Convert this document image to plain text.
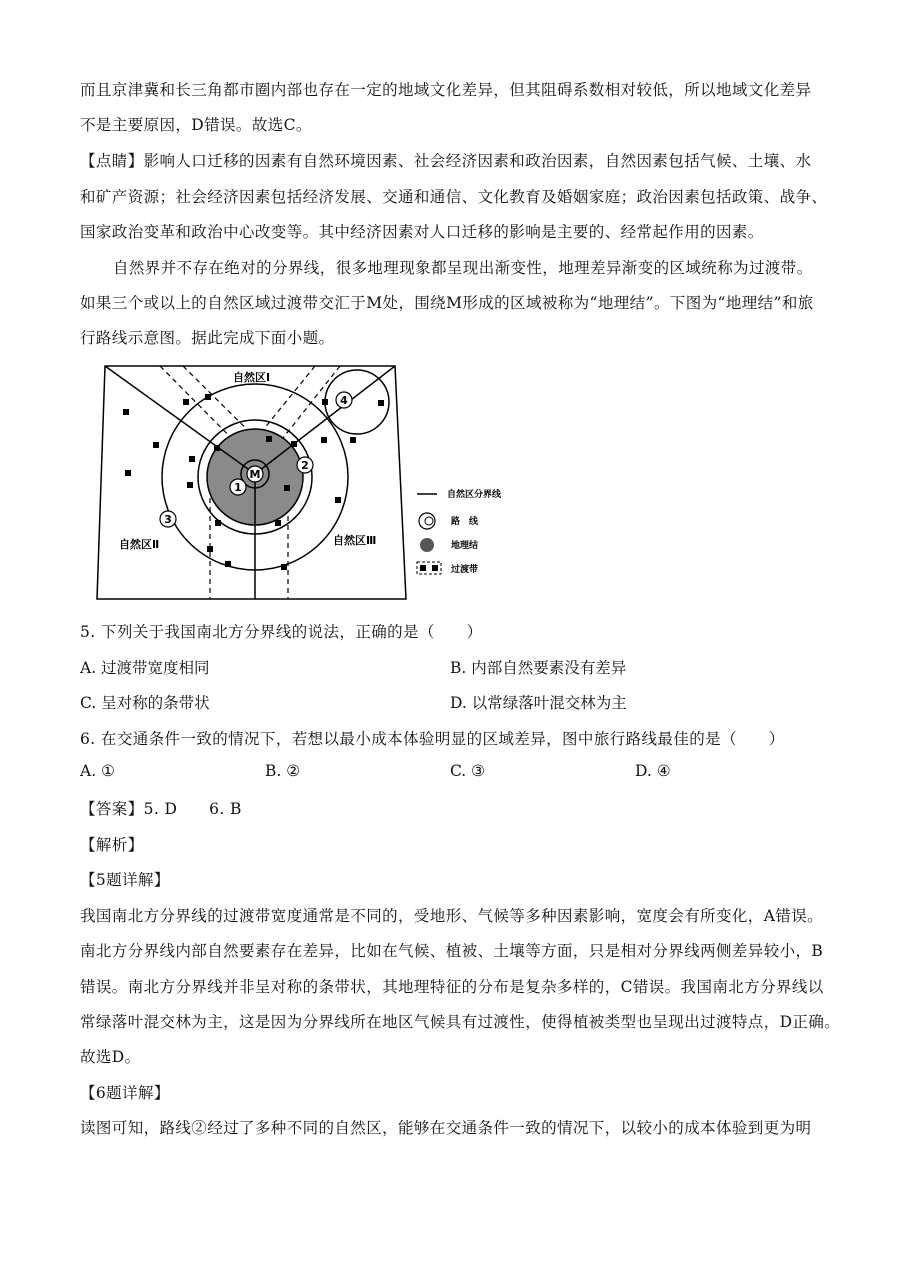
而且京津冀和长三角都市圈内部也存在一定的地域文化差异，但其阻碍系数相对较低，所以地域文化差异
不是主要原因，D错误。故选C。
【点睛】影响人口迁移的因素有自然环境因素、社会经济因素和政治因素，自然因素包括气候、土壤、水
和矿产资源；社会经济因素包括经济发展、交通和通信、文化教育及婚姻家庭；政治因素包括政策、战争、
国家政治变革和政治中心改变等。其中经济因素对人口迁移的影响是主要的、经常起作用的因素。
自然界并不存在绝对的分界线，很多地理现象都呈现出渐变性，地理差异渐变的区域统称为过渡带。
如果三个或以上的自然区域过渡带交汇于M处，围绕M形成的区域被称为“地理结”。下图为“地理结”和旅
行路线示意图。据此完成下面小题。
M
1
2
3
4
自然区Ⅰ
自然区Ⅱ	自然区Ⅲ
自然区分界线
路　线
地理结
过渡带
5. 下列关于我国南北方分界线的说法，正确的是（　　）
A. 过渡带宽度相同	B. 内部自然要素没有差异
C. 呈对称的条带状	D. 以常绿落叶混交林为主
6. 在交通条件一致的情况下，若想以最小成本体验明显的区域差异，图中旅行路线最佳的是（　　）
A. ①	B. ②	C. ③	D. ④
【答案】5. D　　6. B
【解析】
【5题详解】
我国南北方分界线的过渡带宽度通常是不同的，受地形、气候等多种因素影响，宽度会有所变化，A错误。
南北方分界线内部自然要素存在差异，比如在气候、植被、土壤等方面，只是相对分界线两侧差异较小，B
错误。南北方分界线并非呈对称的条带状，其地理特征的分布是复杂多样的，C错误。我国南北方分界线以
常绿落叶混交林为主，这是因为分界线所在地区气候具有过渡性，使得植被类型也呈现出过渡特点，D正确。
故选D。
【6题详解】
读图可知，路线②经过了多种不同的自然区，能够在交通条件一致的情况下，以较小的成本体验到更为明
